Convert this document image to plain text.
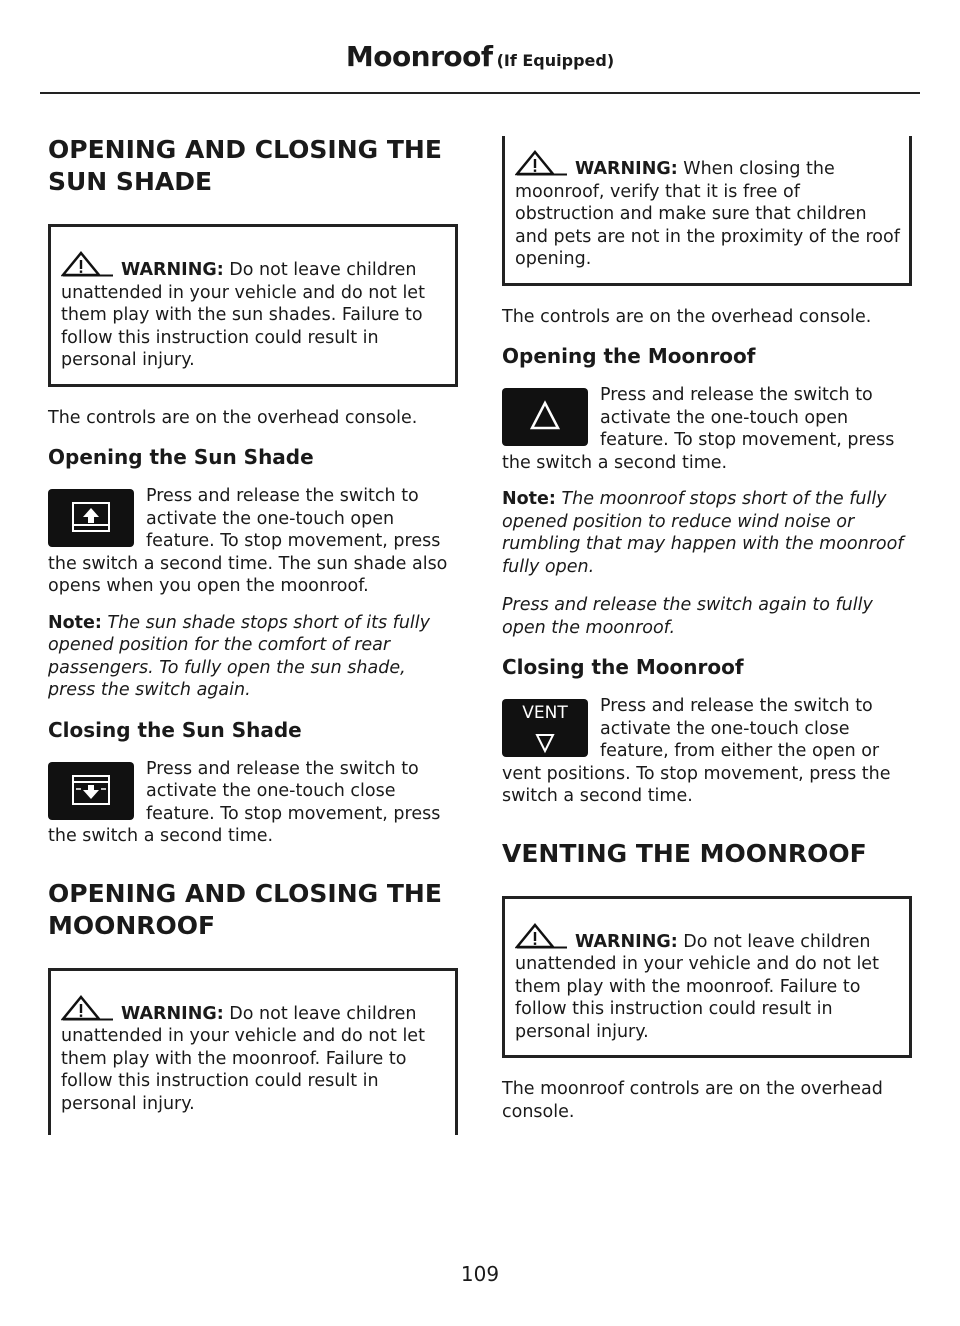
Moonroof (If Equipped)
OPENING AND CLOSING THE SUN SHADE
WARNING: Do not leave children unattended in your vehicle and do not let them play with the sun shades. Failure to follow this instruction could result in personal injury.

The controls are on the overhead console.

Opening the Sun Shade

Press and release the switch to activate the one-touch open feature. To stop movement, press the switch a second time. The sun shade also opens when you open the moonroof.

Note: The sun shade stops short of its fully opened position for the comfort of rear passengers. To fully open the sun shade, press the switch again.

Closing the Sun Shade

Press and release the switch to activate the one-touch close feature. To stop movement, press the switch a second time.

OPENING AND CLOSING THE MOONROOF
WARNING: Do not leave children unattended in your vehicle and do not let them play with the moonroof. Failure to follow this instruction could result in personal injury.
WARNING: When closing the moonroof, verify that it is free of obstruction and make sure that children and pets are not in the proximity of the roof opening.

The controls are on the overhead console.

Opening the Moonroof

Press and release the switch to activate the one-touch open feature. To stop movement, press the switch a second time.

Note: The moonroof stops short of the fully opened position to reduce wind noise or rumbling that may happen with the moonroof fully open.

Press and release the switch again to fully open the moonroof.

Closing the Moonroof
VENT	Press and release the switch to activate the one-touch close feature, from either the open or vent positions. To stop movement, press the switch a second time.

VENTING THE MOONROOF
WARNING: Do not leave children unattended in your vehicle and do not let them play with the moonroof. Failure to follow this instruction could result in personal injury.

The moonroof controls are on the overhead console.

109
